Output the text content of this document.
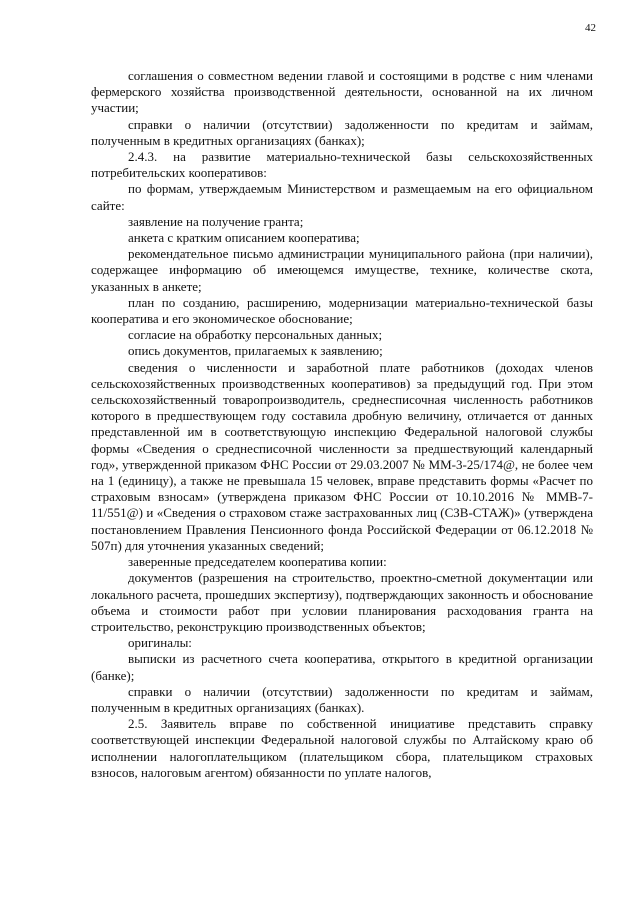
42

соглашения о совместном ведении главой и состоящими в родстве с ним членами фермерского хозяйства производственной деятельности, основанной на их личном участии;

справки о наличии (отсутствии) задолженности по кредитам и займам, полученным в кредитных организациях (банках);

2.4.3. на развитие материально-технической базы сельскохозяйственных потребительских кооперативов:

по формам, утверждаемым Министерством и размещаемым на его официальном сайте:

заявление на получение гранта;

анкета с кратким описанием кооператива;

рекомендательное письмо администрации муниципального района (при наличии), содержащее информацию об имеющемся имуществе, технике, количестве скота, указанных в анкете;

план по созданию, расширению, модернизации материально-технической базы кооператива и его экономическое обоснование;

согласие на обработку персональных данных;

опись документов, прилагаемых к заявлению;

сведения о численности и заработной плате работников (доходах членов сельскохозяйственных производственных кооперативов) за предыдущий год. При этом сельскохозяйственный товаропроизводитель, среднесписочная численность работников которого в предшествующем году составила дробную величину, отличается от данных представленной им в соответствующую инспекцию Федеральной налоговой службы формы «Сведения о среднесписочной численности за предшествующий календарный год», утвержденной приказом ФНС России от 29.03.2007 № ММ-3-25/174@, не более чем на 1 (единицу), а также не превышала 15 человек, вправе представить формы «Расчет по страховым взносам» (утверждена приказом ФНС России от 10.10.2016 № ММВ-7-11/551@) и «Сведения о страховом стаже застрахованных лиц (СЗВ-СТАЖ)» (утверждена постановлением Правления Пенсионного фонда Российской Федерации от 06.12.2018 № 507п) для уточнения указанных сведений;

заверенные председателем кооператива копии:

документов (разрешения на строительство, проектно-сметной документации или локального расчета, прошедших экспертизу), подтверждающих законность и обоснование объема и стоимости работ при условии планирования расходования гранта на строительство, реконструкцию производственных объектов;

оригиналы:

выписки из расчетного счета кооператива, открытого в кредитной организации (банке);

справки о наличии (отсутствии) задолженности по кредитам и займам, полученным в кредитных организациях (банках).

2.5. Заявитель вправе по собственной инициативе представить справку соответствующей инспекции Федеральной налоговой службы по Алтайскому краю об исполнении налогоплательщиком (плательщиком сбора, плательщиком страховых взносов, налоговым агентом) обязанности по уплате налогов,
